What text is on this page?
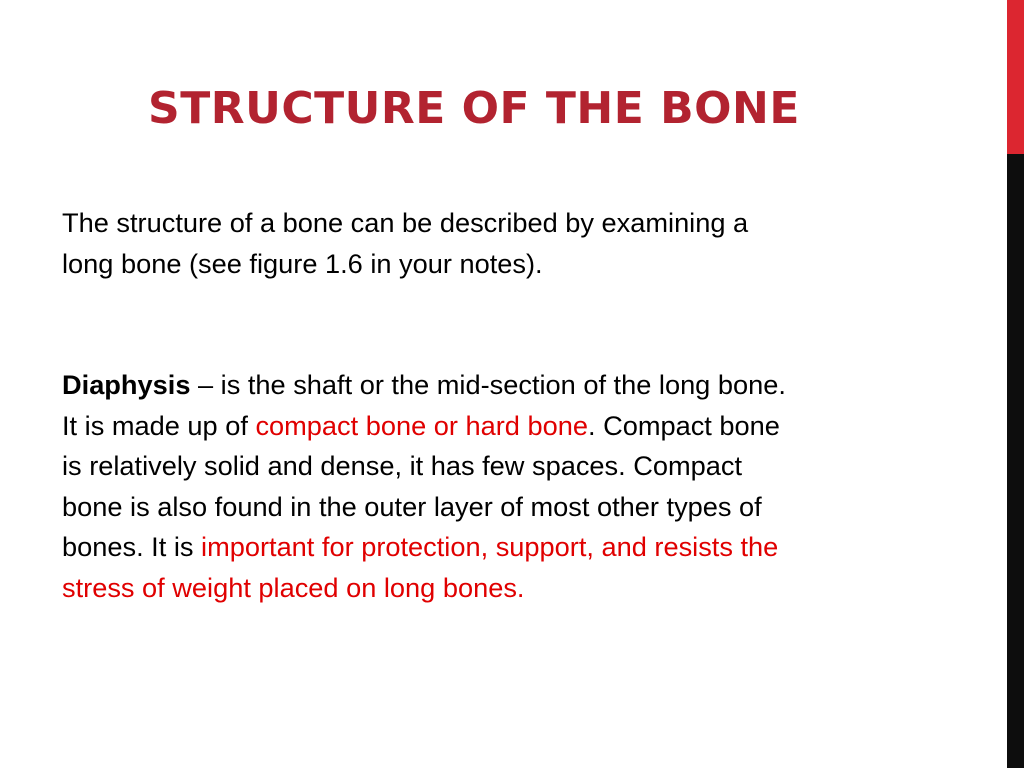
STRUCTURE OF THE BONE

The structure of a bone can be described by examining a
long bone (see figure 1.6 in your notes).

Diaphysis – is the shaft or the mid-section of the long bone.
It is made up of compact bone or hard bone. Compact bone
is relatively solid and dense, it has few spaces. Compact
bone is also found in the outer layer of most other types of
bones. It is important for protection, support, and resists the
stress of weight placed on long bones.
